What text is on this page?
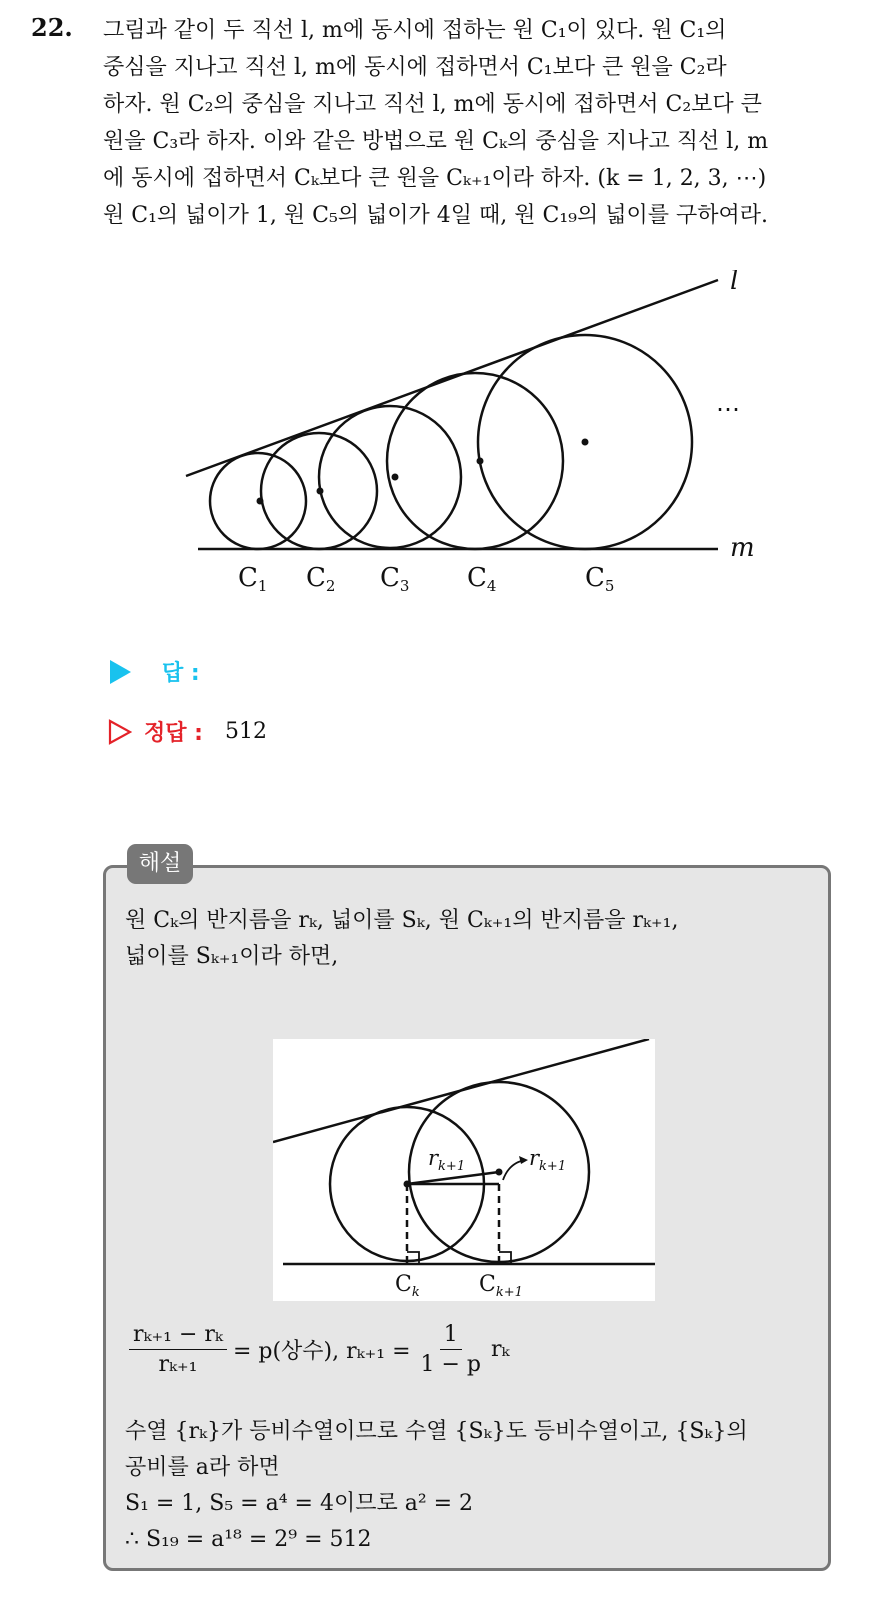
22. 그림과 같이 두 직선 l, m에 동시에 접하는 원 C₁이 있다. 원 C₁의

중심을 지나고 직선 l, m에 동시에 접하면서 C₁보다 큰 원을 C₂라

하자. 원 C₂의 중심을 지나고 직선 l, m에 동시에 접하면서 C₂보다 큰

원을 C₃라 하자. 이와 같은 방법으로 원 Cₖ의 중심을 지나고 직선 l, m

에 동시에 접하면서 Cₖ보다 큰 원을 Cₖ₊₁이라 하자. (k = 1, 2, 3, ⋯)

원 C₁의 넓이가 1, 원 C₅의 넓이가 4일 때, 원 C₁₉의 넓이를 구하여라.

l
m
⋯
C1 C2 C3 C4	C5
답 :
정답 : 512
해설

원 Cₖ의 반지름을 rₖ, 넓이를 Sₖ, 원 Cₖ₊₁의 반지름을 rₖ₊₁,

넓이를 Sₖ₊₁이라 하면,

$r_{k+1}$	$r_{k+1}$
$C_k$	$C_{k+1}$
$\frac{\text{rₖ₊₁ − rₖ}}{\text{rₖ₊₁}} = p$(상수), $r_{k+1} = \frac{1}{1 - p}$ rₖ

수열 {rₖ}가 등비수열이므로 수열 {Sₖ}도 등비수열이고, {Sₖ}의

공비를 a라 하면

S₁ = 1, S₅ = a⁴ = 4이므로 a² = 2

∴ S₁₉ = a¹⁸ = 2⁹ = 512
